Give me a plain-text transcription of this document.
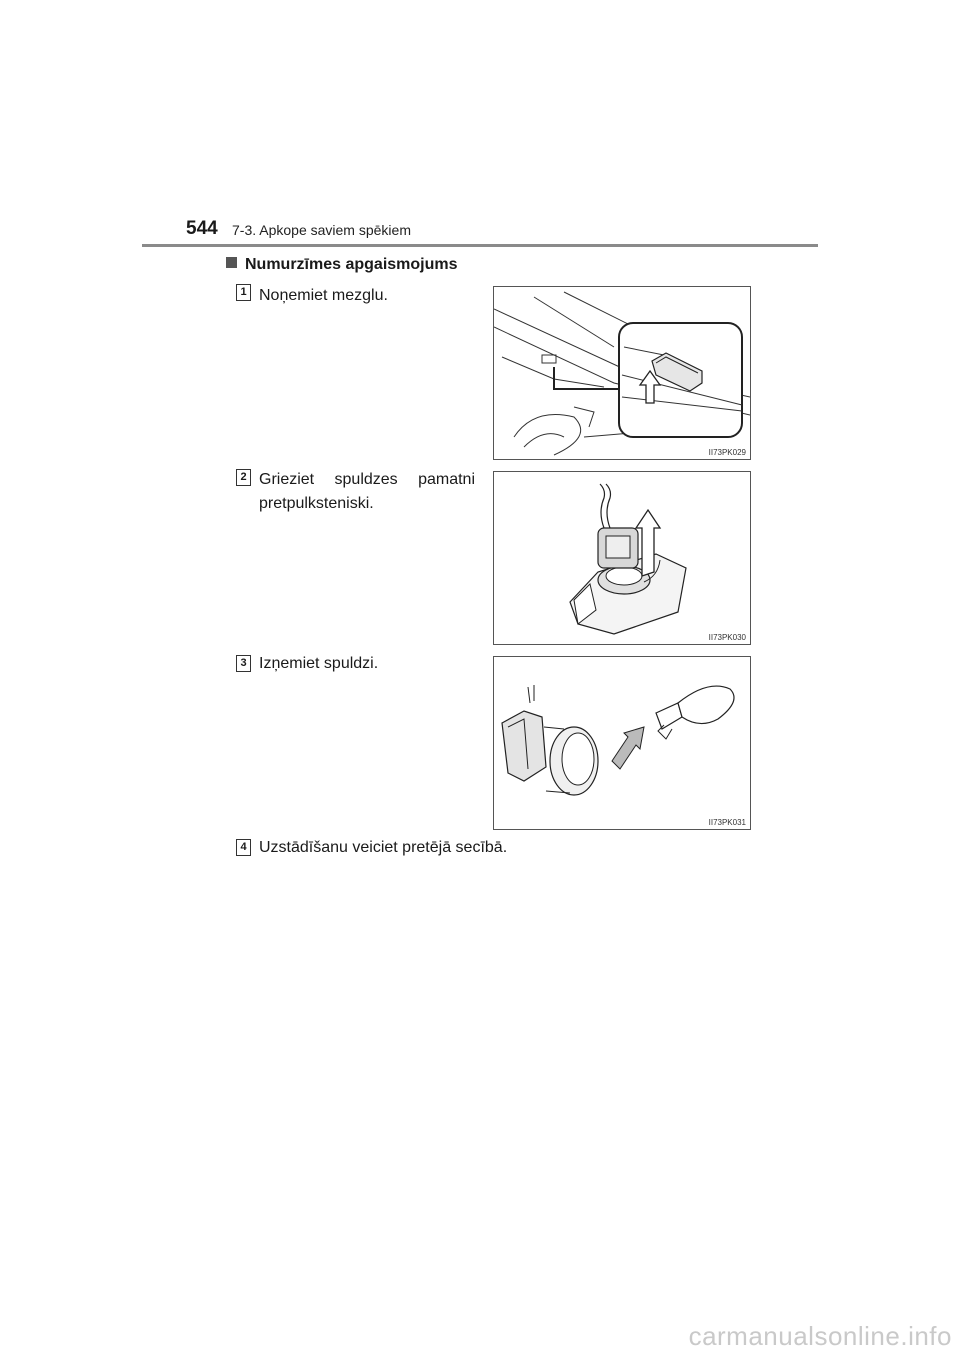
544 7-3. Apkope saviem spēkiem
Numurzīmes apgaismojums
1 Noņemiet mezglu.
II73PK029
2 Grieziet spuldzes pamatni
pretpulksteniski.
II73PK030
3 Izņemiet spuldzi.
II73PK031
4 Uzstādīšanu veiciet pretējā secībā.
carmanualsonline.info
